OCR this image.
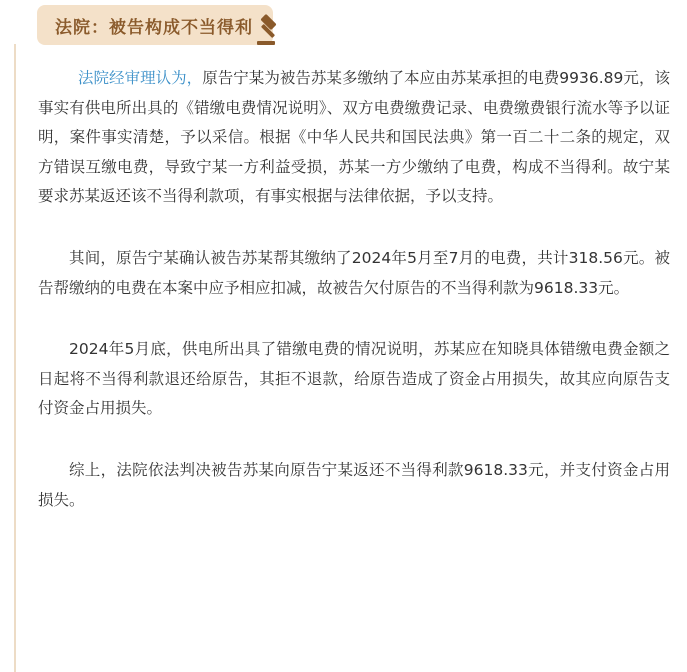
法院：被告构成不当得利

法院经审理认为，原告宁某为被告苏某多缴纳了本应由苏某承担的电费9936.89元，该事实有供电所出具的《错缴电费情况说明》、双方电费缴费记录、电费缴费银行流水等予以证明，案件事实清楚，予以采信。根据《中华人民共和国民法典》第一百二十二条的规定，双方错误互缴电费，导致宁某一方利益受损，苏某一方少缴纳了电费，构成不当得利。故宁某要求苏某返还该不当得利款项，有事实根据与法律依据，予以支持。

其间，原告宁某确认被告苏某帮其缴纳了2024年5月至7月的电费，共计318.56元。被告帮缴纳的电费在本案中应予相应扣减，故被告欠付原告的不当得利款为9618.33元。

2024年5月底，供电所出具了错缴电费的情况说明，苏某应在知晓具体错缴电费金额之日起将不当得利款退还给原告，其拒不退款，给原告造成了资金占用损失，故其应向原告支付资金占用损失。

综上，法院依法判决被告苏某向原告宁某返还不当得利款9618.33元，并支付资金占用损失。
